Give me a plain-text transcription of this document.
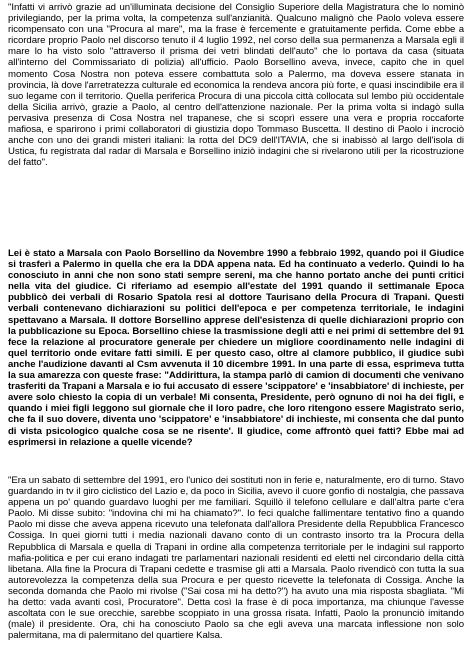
"Infatti vi arrivò grazie ad un'illuminata decisione del Consiglio Superiore della Magistratura che lo nominò privilegiando, per la prima volta, la competenza sull'anzianità. Qualcuno malignò che Paolo voleva essere ricompensato con una "Procura al mare", ma la frase è fercemente e gratuitamente perfida. Come ebbe a ricordare proprio Paolo nel discorso tenuto il 4 luglio 1992, nel corso della sua permanenza a Marsala egli il mare lo ha visto solo "attraverso il prisma dei vetri blindati dell'auto" che lo portava da casa (situata all'interno del Commissariato di polizia) all'ufficio. Paolo Borsellino aveva, invece, capito che in quel momento Cosa Nostra non poteva essere combattuta solo a Palermo, ma doveva essere stanata in provincia, là dove l'arretratezza culturale ed economica la rendeva ancora più forte, e quasi inscindibile era il suo legame con il territorio. Quella periferica Procura di una piccola città collocata sul lembo più occidentale della Sicilia arrivò, grazie a Paolo, al centro dell'attenzione nazionale. Per la prima volta si indagò sulla pervasiva presenza di Cosa Nostra nel trapanese, che si scoprì essere una vera e propria roccaforte mafiosa, e sparirono i primi collaboratori di giustizia dopo Tommaso Buscetta. Il destino di Paolo i incrociò anche con uno dei grandi misteri italiani: la rotta del DC9 dell'ITAVIA, che si inabissò al largo dell'isola di Ustica, fu registrata dal radar di Marsala e Borsellino iniziò indagini che si rivelarono utili per la ricostruzione del fatto".

Lei è stato a Marsala con Paolo Borsellino da Novembre 1990 a febbraio 1992, quando poi il Giudice si trasferì a Palermo in quella che era la DDA appena nata. Ed ha continuato a vederlo. Quindi lo ha conosciuto in anni che non sono stati sempre sereni, ma che hanno portato anche dei punti critici nella vita del giudice. Ci riferiamo ad esempio all'estate del 1991 quando il settimanale Epoca pubblicò dei verbali di Rosario Spatola resi al dottore Taurisano della Procura di Trapani. Questi verbali contenevano dichiarazioni su politici dell'epoca e per competenza territoriale, le indagini spettavano a Marsala. Il dottore Borsellino apprese dell'esistenza di quelle dichiarazioni proprio con la pubblicazione su Epoca. Borsellino chiese la trasmissione degli atti e nei primi di settembre del 91 fece la relazione al procuratore generale per chiedere un migliore coordinamento nelle indagini di quel territorio onde evitare fatti simili. E per questo caso, oltre al clamore pubblico, il giudice subì anche l'audizione davanti al Csm avvenuta il 10 dicembre 1991. In una parte di essa, esprimeva tutta la sua amarezza con queste frase: "Addirittura, la stampa parlò di camion di documenti che venivano trasferiti da Trapani a Marsala e io fui accusato di essere 'scippatore' e 'insabbiatore' di inchieste, per avere solo chiesto la copia di un verbale! Mi consenta, Presidente, però ognuno di noi ha dei figli, e quando i miei figli leggono sul giornale che il loro padre, che loro ritengono essere Magistrato serio, che fa il suo dovere, diventa uno 'scippatore' e 'insabbiatore' di inchieste, mi consenta che dal punto di vista psicologico qualche cosa se ne risente'. Il giudice, come affrontò quei fatti? Ebbe mai ad esprimersi in relazione a quelle vicende?

"Era un sabato di settembre del 1991, ero l'unico dei sostituti non in ferie e, naturalmente, ero di turno. Stavo guardando in tv il giro ciclistico del Lazio e, da poco in Sicilia, avevo il cuore gonfio di nostalgia, che passava appena un po' quando guardavo luoghi per me familiari. Squillò il telefono cellulare e dall'altra parte c'era Paolo. Mi disse subito: "indovina chi mi ha chiamato?". Io feci qualche fallimentare tentativo fino a quando Paolo mi disse che aveva appena ricevuto una telefonata dall'allora Presidente della Repubblica Francesco Cossiga. In quei giorni tutti i media nazionali davano conto di un contrasto insorto tra la Procura della Repubblica di Marsala e quella di Trapani in ordine alla competenza territoriale per le indagini sul rapporto mafia-politica e per cui erano indagati tre parlamentari nazionali residenti ed eletti nel circondario della città libetana. Alla fine la Procura di Trapani cedette e trasmise gli atti a Marsala. Paolo rivendicò con tutta la sua autorevolezza la competenza della sua Procura e per questo ricevette la telefonata di Cossiga. Anche la seconda domanda che Paolo mi rivolse ("Sai cosa mi ha detto?") ha avuto una mia risposta sbagliata. "Mi ha detto: vada avanti così, Procuratore". Detta così la frase è di poca importanza, ma chiunque l'avesse ascoltata con le sue orecchie, sarebbe scoppiato in una grossa risata. Infatti, Paolo la pronunciò imitando (male) il presidente. Ora, chi ha conosciuto Paolo sa che egli aveva una marcata inflessione non solo palermitana, ma di palermitano del quartiere Kalsa.
